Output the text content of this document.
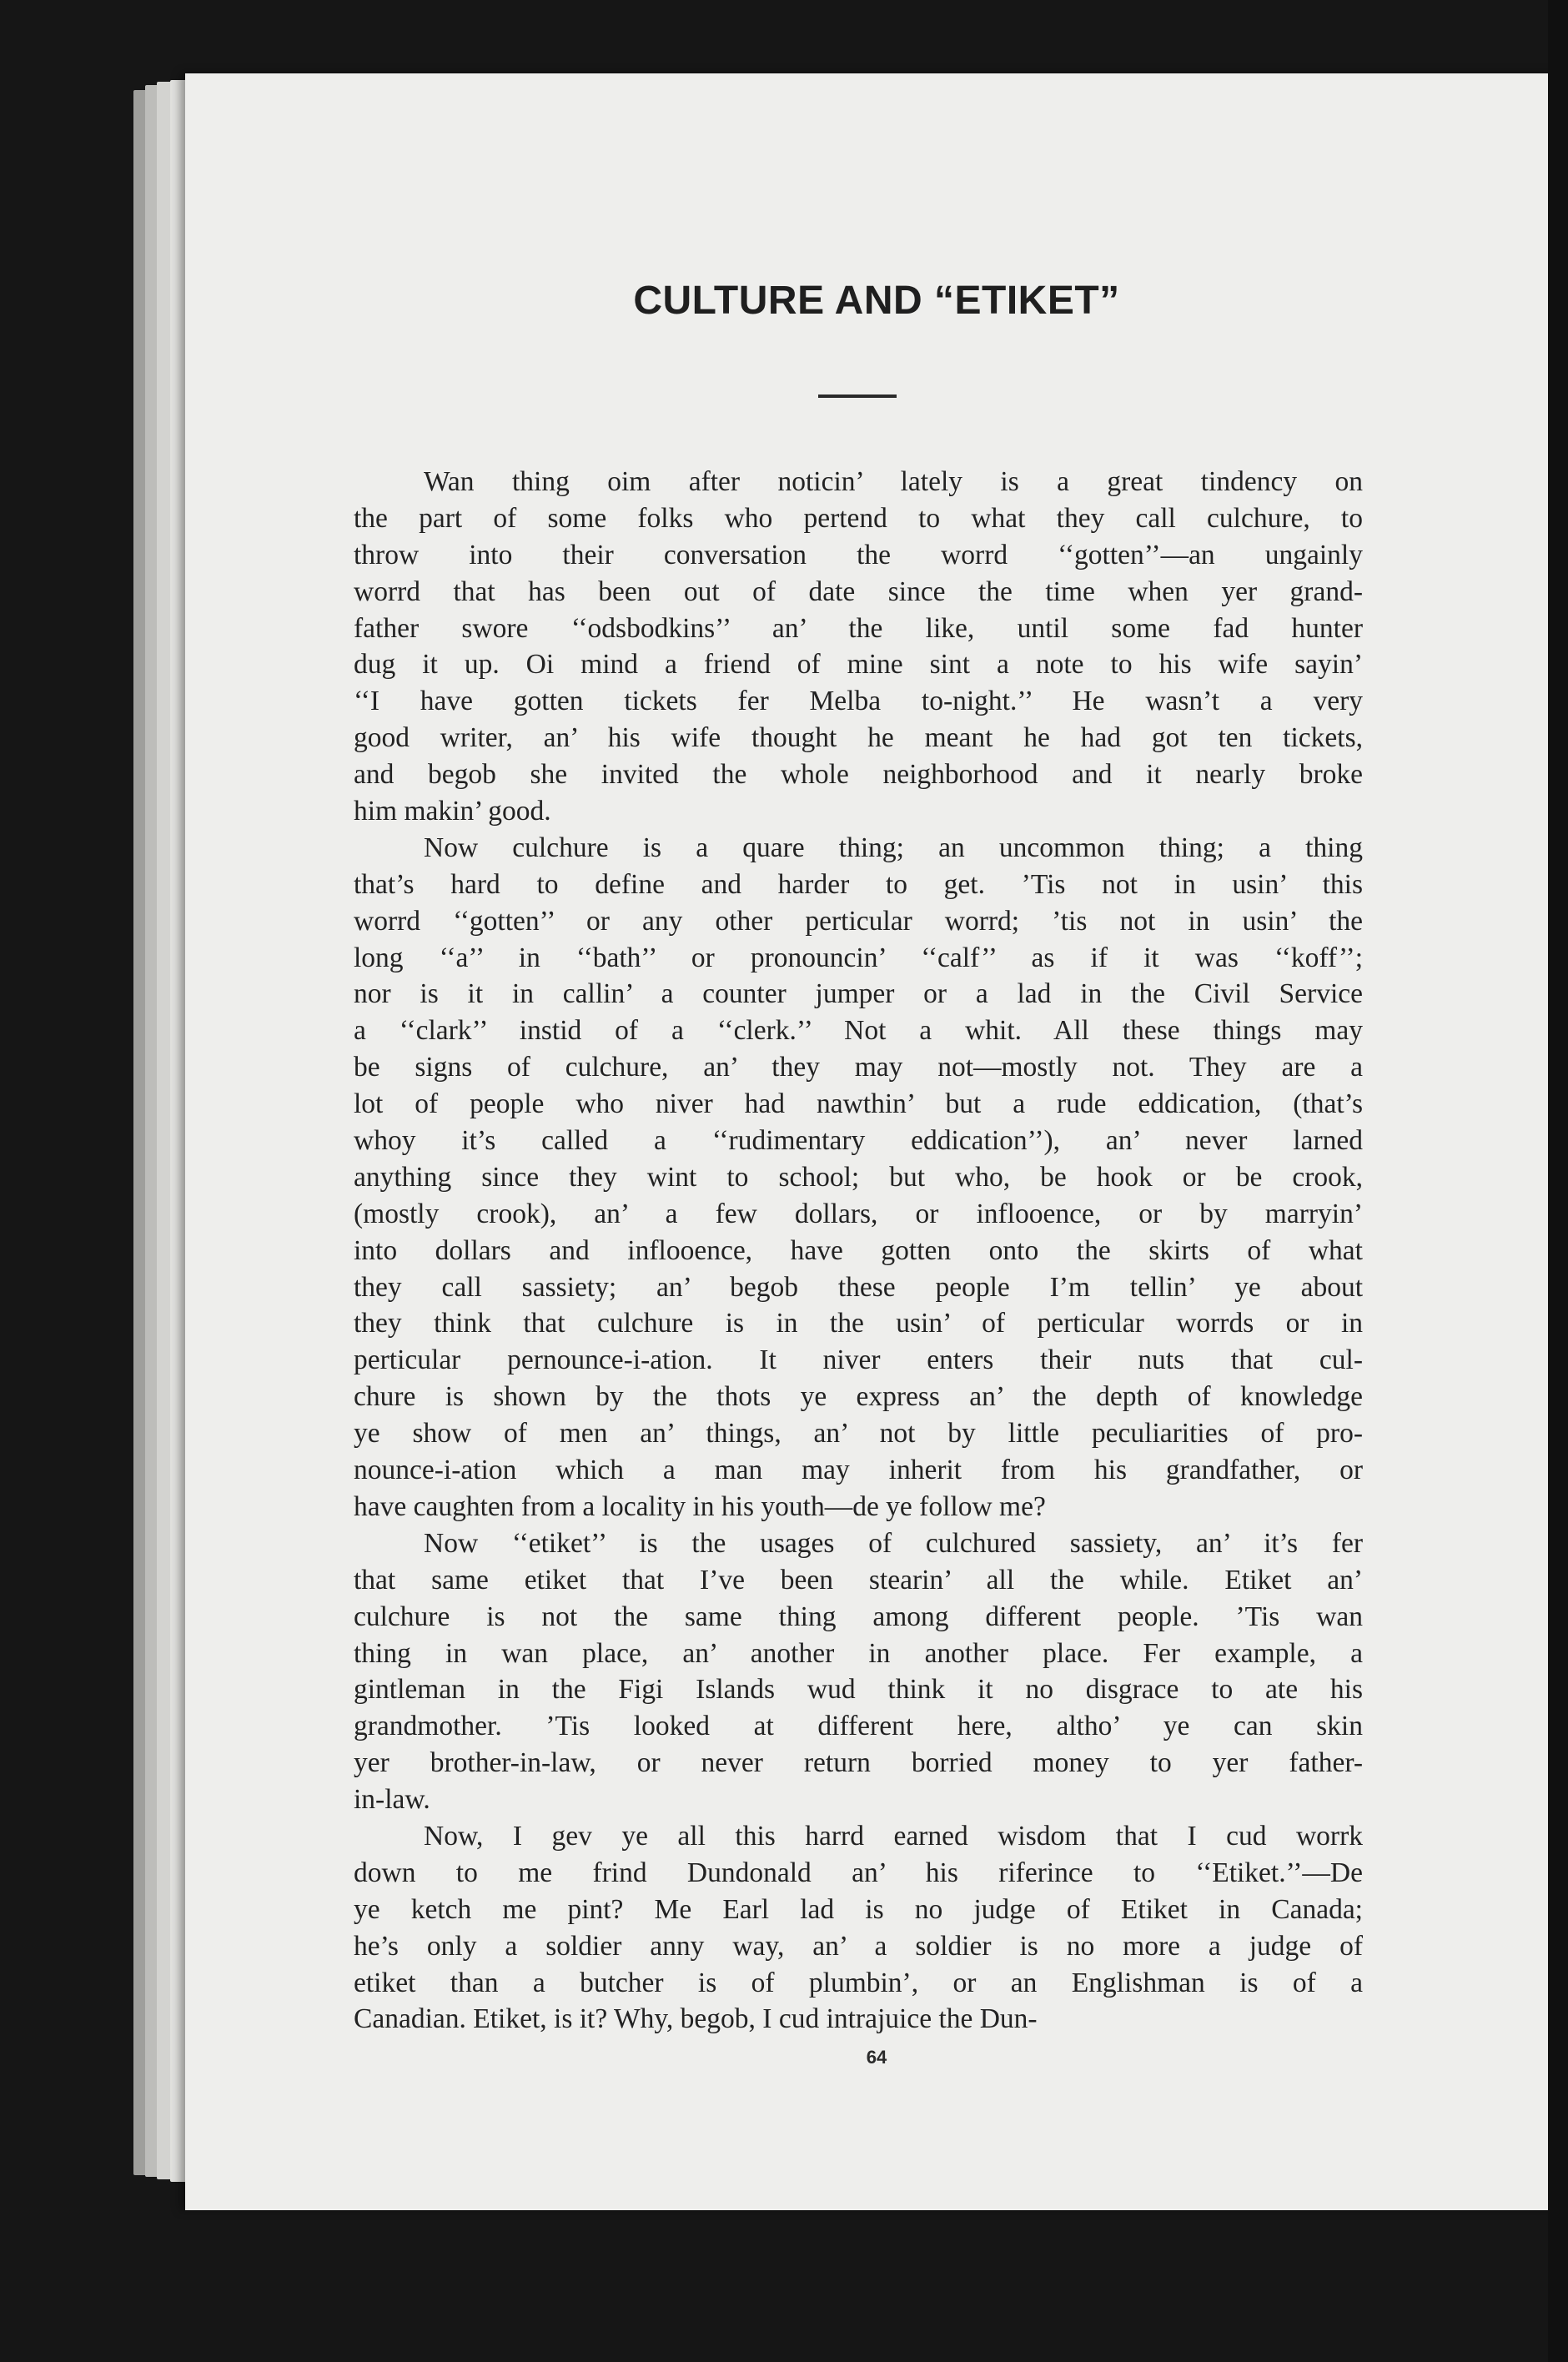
CULTURE AND “ETIKET”
Wan thing oim after noticin’ lately is a great tindency on
the part of some folks who pertend to what they call culchure, to
throw into their conversation the worrd ‘‘gotten’’—an ungainly
worrd that has been out of date since the time when yer grand-
father swore ‘‘odsbodkins’’ an’ the like, until some fad hunter
dug it up. Oi mind a friend of mine sint a note to his wife sayin’
‘‘I have gotten tickets fer Melba to-night.’’ He wasn’t a very
good writer, an’ his wife thought he meant he had got ten tickets,
and begob she invited the whole neighborhood and it nearly broke
him makin’ good.
Now culchure is a quare thing; an uncommon thing; a thing
that’s hard to define and harder to get. ’Tis not in usin’ this
worrd ‘‘gotten’’ or any other perticular worrd; ’tis not in usin’ the
long ‘‘a’’ in ‘‘bath’’ or pronouncin’ ‘‘calf’’ as if it was ‘‘koff’’;
nor is it in callin’ a counter jumper or a lad in the Civil Service
a ‘‘clark’’ instid of a ‘‘clerk.’’ Not a whit. All these things may
be signs of culchure, an’ they may not—mostly not. They are a
lot of people who niver had nawthin’ but a rude eddication, (that’s
whoy it’s called a ‘‘rudimentary eddication’’), an’ never larned
anything since they wint to school; but who, be hook or be crook,
(mostly crook), an’ a few dollars, or inflooence, or by marryin’
into dollars and inflooence, have gotten onto the skirts of what
they call sassiety; an’ begob these people I’m tellin’ ye about
they think that culchure is in the usin’ of perticular worrds or in
perticular pernounce-i-ation. It niver enters their nuts that cul-
chure is shown by the thots ye express an’ the depth of knowledge
ye show of men an’ things, an’ not by little peculiarities of pro-
nounce-i-ation which a man may inherit from his grandfather, or
have caughten from a locality in his youth—de ye follow me?
Now ‘‘etiket’’ is the usages of culchured sassiety, an’ it’s fer
that same etiket that I’ve been stearin’ all the while. Etiket an’
culchure is not the same thing among different people. ’Tis wan
thing in wan place, an’ another in another place. Fer example, a
gintleman in the Figi Islands wud think it no disgrace to ate his
grandmother. ’Tis looked at different here, altho’ ye can skin
yer brother-in-law, or never return borried money to yer father-
in-law.
Now, I gev ye all this harrd earned wisdom that I cud worrk
down to me frind Dundonald an’ his riferince to ‘‘Etiket.’’—De
ye ketch me pint? Me Earl lad is no judge of Etiket in Canada;
he’s only a soldier anny way, an’ a soldier is no more a judge of
etiket than a butcher is of plumbin’, or an Englishman is of a
Canadian. Etiket, is it? Why, begob, I cud intrajuice the Dun-
64
